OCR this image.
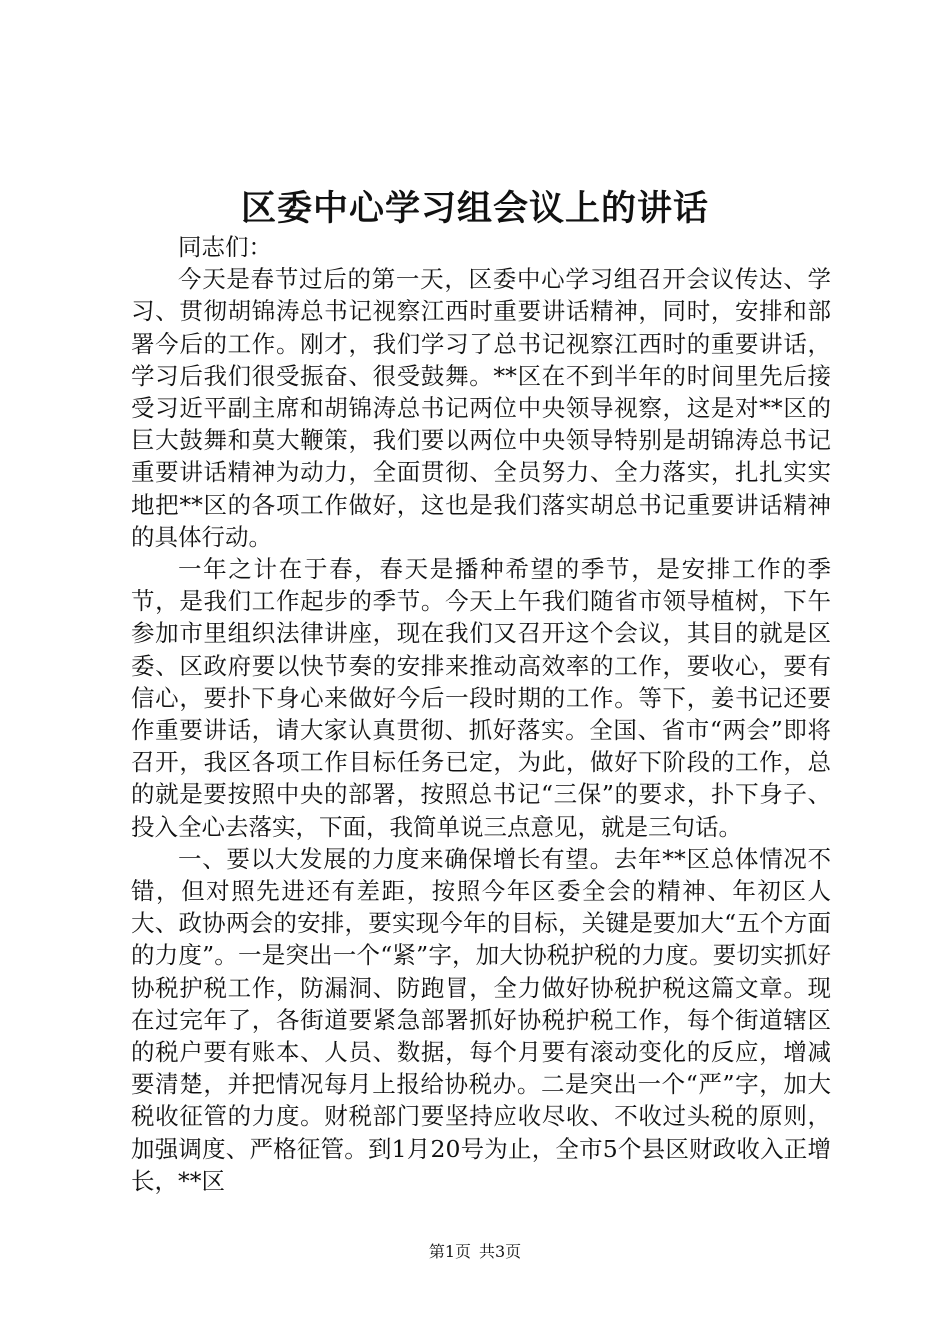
区委中心学习组会议上的讲话

同志们：

今天是春节过后的第一天，区委中心学习组召开会议传达、学习、贯彻胡锦涛总书记视察江西时重要讲话精神，同时，安排和部署今后的工作。刚才，我们学习了总书记视察江西时的重要讲话，学习后我们很受振奋、很受鼓舞。**区在不到半年的时间里先后接受习近平副主席和胡锦涛总书记两位中央领导视察，这是对**区的巨大鼓舞和莫大鞭策，我们要以两位中央领导特别是胡锦涛总书记重要讲话精神为动力，全面贯彻、全员努力、全力落实，扎扎实实地把**区的各项工作做好，这也是我们落实胡总书记重要讲话精神的具体行动。

一年之计在于春，春天是播种希望的季节，是安排工作的季节，是我们工作起步的季节。今天上午我们随省市领导植树，下午参加市里组织法律讲座，现在我们又召开这个会议，其目的就是区委、区政府要以快节奏的安排来推动高效率的工作，要收心，要有信心，要扑下身心来做好今后一段时期的工作。等下，姜书记还要作重要讲话，请大家认真贯彻、抓好落实。全国、省市“两会”即将召开，我区各项工作目标任务已定，为此，做好下阶段的工作，总的就是要按照中央的部署，按照总书记“三保”的要求，扑下身子、投入全心去落实，下面，我简单说三点意见，就是三句话。

一、要以大发展的力度来确保增长有望。去年**区总体情况不错，但对照先进还有差距，按照今年区委全会的精神、年初区人大、政协两会的安排，要实现今年的目标，关键是要加大“五个方面的力度”。一是突出一个“紧”字，加大协税护税的力度。要切实抓好协税护税工作，防漏洞、防跑冒，全力做好协税护税这篇文章。现在过完年了，各街道要紧急部署抓好协税护税工作，每个街道辖区的税户要有账本、人员、数据，每个月要有滚动变化的反应，增减要清楚，并把情况每月上报给协税办。二是突出一个“严”字，加大税收征管的力度。财税部门要坚持应收尽收、不收过头税的原则，加强调度、严格征管。到1月20号为止，全市5个县区财政收入正增长，**区

第1页 共3页
